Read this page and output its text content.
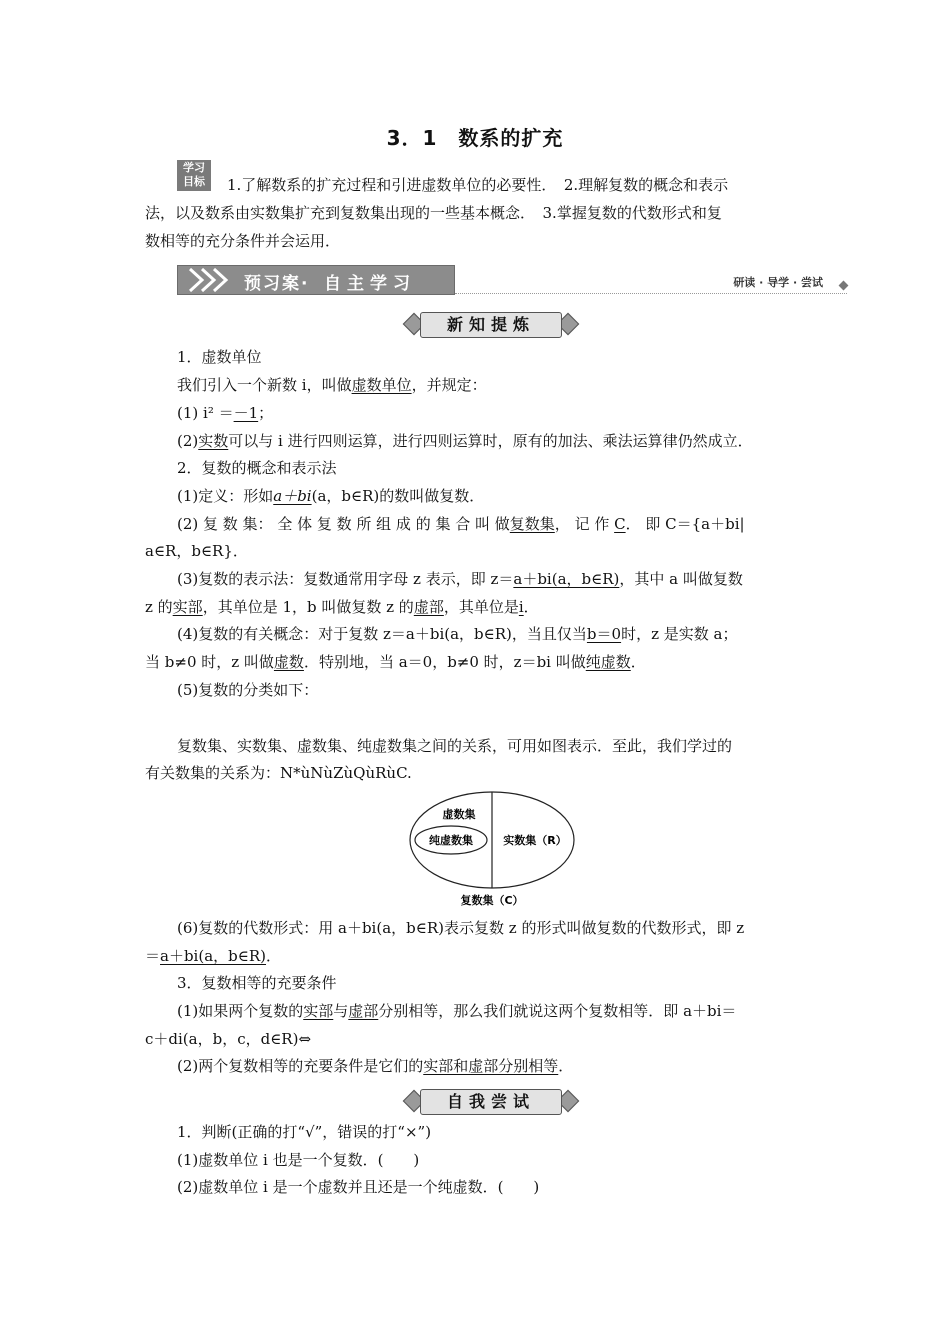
3．1　数系的扩充
学习
目标	1.了解数系的扩充过程和引进虚数单位的必要性．　2.理解复数的概念和表示
法，以及数系由实数集扩充到复数集出现的一些基本概念．　3.掌握复数的代数形式和复
数相等的充分条件并会运用．
预习案· 自主学习	研读 · 导学 · 尝试
新知提炼
1．虚数单位
我们引入一个新数 i，叫做虚数单位，并规定：
(1) i² ＝－1；
(2)实数可以与 i 进行四则运算，进行四则运算时，原有的加法、乘法运算律仍然成立．
2．复数的概念和表示法
(1)定义：形如a＋bi(a，b∈R)的数叫做复数．
(2) 复 数 集： 全 体 复 数 所 组 成 的 集 合 叫 做复数集， 记 作 C． 即 C＝{a＋bi|
a∈R，b∈R}．
(3)复数的表示法：复数通常用字母 z 表示，即 z＝a＋bi(a，b∈R)，其中 a 叫做复数
z 的实部，其单位是 1，b 叫做复数 z 的虚部，其单位是i．
(4)复数的有关概念：对于复数 z＝a＋bi(a，b∈R)，当且仅当b＝0时，z 是实数 a；
当 b≠0 时，z 叫做虚数．特别地，当 a＝0，b≠0 时，z＝bi 叫做纯虚数．
(5)复数的分类如下：
复数集、实数集、虚数集、纯虚数集之间的关系，可用如图表示．至此，我们学过的
有关数集的关系为：N*ùNùZùQùRùC.
虚数集
纯虚数集	实数集（R）
复数集（C）
(6)复数的代数形式：用 a＋bi(a，b∈R)表示复数 z 的形式叫做复数的代数形式，即 z
＝a＋bi(a，b∈R)．
3．复数相等的充要条件
(1)如果两个复数的实部与虚部分别相等，那么我们就说这两个复数相等．即 a＋bi＝
c＋di(a，b，c，d∈R)⇔
(2)两个复数相等的充要条件是它们的实部和虚部分别相等．
自我尝试
1．判断(正确的打“√”，错误的打“×”)
(1)虚数单位 i 也是一个复数．(　　)
(2)虚数单位 i 是一个虚数并且还是一个纯虚数．(　　)
